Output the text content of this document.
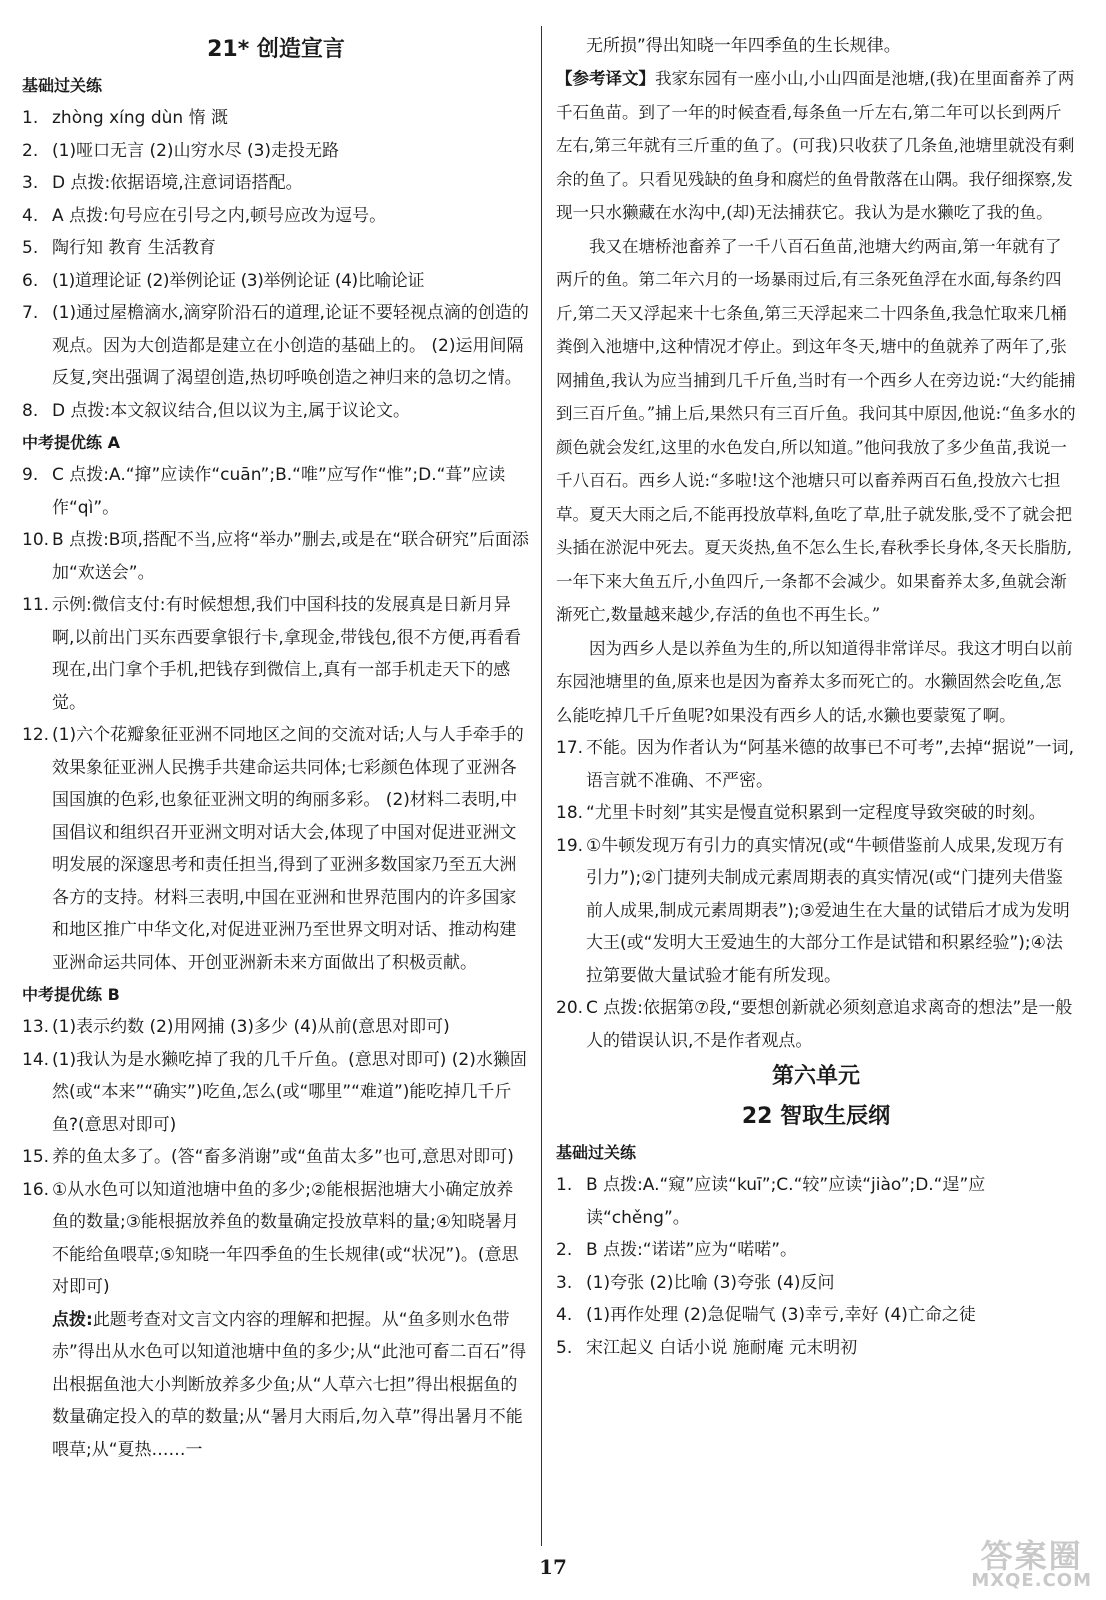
21* 创造宣言
基础过关练
1. zhòng xíng dùn 惰 溉
2. (1)哑口无言 (2)山穷水尽 (3)走投无路
3. D 点拨:依据语境,注意词语搭配。
4. A 点拨:句号应在引号之内,顿号应改为逗号。
5. 陶行知 教育 生活教育
6. (1)道理论证 (2)举例论证 (3)举例论证 (4)比喻论证
7. (1)通过屋檐滴水,滴穿阶沿石的道理,论证不要轻视点滴的创造的观点。因为大创造都是建立在小创造的基础上的。 (2)运用间隔反复,突出强调了渴望创造,热切呼唤创造之神归来的急切之情。
8. D 点拨:本文叙议结合,但以议为主,属于议论文。
中考提优练 A
9. C 点拨:A.“撺”应读作“cuān”;B.“唯”应写作“惟”;D.“葺”应读作“qì”。
10. B 点拨:B项,搭配不当,应将“举办”删去,或是在“联合研究”后面添加“欢送会”。
11. 示例:微信支付:有时候想想,我们中国科技的发展真是日新月异啊,以前出门买东西要拿银行卡,拿现金,带钱包,很不方便,再看看现在,出门拿个手机,把钱存到微信上,真有一部手机走天下的感觉。
12. (1)六个花瓣象征亚洲不同地区之间的交流对话;人与人手牵手的效果象征亚洲人民携手共建命运共同体;七彩颜色体现了亚洲各国国旗的色彩,也象征亚洲文明的绚丽多彩。 (2)材料二表明,中国倡议和组织召开亚洲文明对话大会,体现了中国对促进亚洲文明发展的深邃思考和责任担当,得到了亚洲多数国家乃至五大洲各方的支持。材料三表明,中国在亚洲和世界范围内的许多国家和地区推广中华文化,对促进亚洲乃至世界文明对话、推动构建亚洲命运共同体、开创亚洲新未来方面做出了积极贡献。
中考提优练 B
13. (1)表示约数 (2)用网捕 (3)多少 (4)从前(意思对即可)
14. (1)我认为是水獭吃掉了我的几千斤鱼。(意思对即可) (2)水獭固然(或“本来”“确实”)吃鱼,怎么(或“哪里”“难道”)能吃掉几千斤鱼?(意思对即可)
15. 养的鱼太多了。(答“畜多消谢”或“鱼苗太多”也可,意思对即可)
16. ①从水色可以知道池塘中鱼的多少;②能根据池塘大小确定放养鱼的数量;③能根据放养鱼的数量确定投放草料的量;④知晓暑月不能给鱼喂草;⑤知晓一年四季鱼的生长规律(或“状况”)。(意思对即可)
点拨:此题考查对文言文内容的理解和把握。从“鱼多则水色带赤”得出从水色可以知道池塘中鱼的多少;从“此池可畜二百石”得出根据鱼池大小判断放养多少鱼;从“人草六七担”得出根据鱼的数量确定投入的草的数量;从“暑月大雨后,勿入草”得出暑月不能喂草;从“夏热……一
无所损”得出知晓一年四季鱼的生长规律。

【参考译文】我家东园有一座小山,小山四面是池塘,(我)在里面畜养了两千石鱼苗。到了一年的时候查看,每条鱼一斤左右,第二年可以长到两斤左右,第三年就有三斤重的鱼了。(可我)只收获了几条鱼,池塘里就没有剩余的鱼了。只看见残缺的鱼身和腐烂的鱼骨散落在山隅。我仔细探察,发现一只水獭藏在水沟中,(却)无法捕获它。我认为是水獭吃了我的鱼。

我又在塘桥池畜养了一千八百石鱼苗,池塘大约两亩,第一年就有了两斤的鱼。第二年六月的一场暴雨过后,有三条死鱼浮在水面,每条约四斤,第二天又浮起来十七条鱼,第三天浮起来二十四条鱼,我急忙取来几桶粪倒入池塘中,这种情况才停止。到这年冬天,塘中的鱼就养了两年了,张网捕鱼,我认为应当捕到几千斤鱼,当时有一个西乡人在旁边说:“大约能捕到三百斤鱼。”捕上后,果然只有三百斤鱼。我问其中原因,他说:“鱼多水的颜色就会发红,这里的水色发白,所以知道。”他问我放了多少鱼苗,我说一千八百石。西乡人说:“多啦!这个池塘只可以畜养两百石鱼,投放六七担草。夏天大雨之后,不能再投放草料,鱼吃了草,肚子就发胀,受不了就会把头插在淤泥中死去。夏天炎热,鱼不怎么生长,春秋季长身体,冬天长脂肪,一年下来大鱼五斤,小鱼四斤,一条都不会减少。如果畜养太多,鱼就会渐渐死亡,数量越来越少,存活的鱼也不再生长。”

因为西乡人是以养鱼为生的,所以知道得非常详尽。我这才明白以前东园池塘里的鱼,原来也是因为畜养太多而死亡的。水獭固然会吃鱼,怎么能吃掉几千斤鱼呢?如果没有西乡人的话,水獭也要蒙冤了啊。

17. 不能。因为作者认为“阿基米德的故事已不可考”,去掉“据说”一词,语言就不准确、不严密。
18. “尤里卡时刻”其实是慢直觉积累到一定程度导致突破的时刻。
19. ①牛顿发现万有引力的真实情况(或“牛顿借鉴前人成果,发现万有引力”);②门捷列夫制成元素周期表的真实情况(或“门捷列夫借鉴前人成果,制成元素周期表”);③爱迪生在大量的试错后才成为发明大王(或“发明大王爱迪生的大部分工作是试错和积累经验”);④法拉第要做大量试验才能有所发现。
20. C 点拨:依据第⑦段,“要想创新就必须刻意追求离奇的想法”是一般人的错误认识,不是作者观点。
第六单元
22 智取生辰纲
基础过关练
1. B 点拨:A.“窥”应读“kuī”;C.“较”应读“jiào”;D.“逞”应读“chěng”。
2. B 点拨:“诺诺”应为“喏喏”。
3. (1)夸张 (2)比喻 (3)夸张 (4)反问
4. (1)再作处理 (2)急促喘气 (3)幸亏,幸好 (4)亡命之徒
5. 宋江起义 白话小说 施耐庵 元末明初
17	答案圈
MXQE.COM
